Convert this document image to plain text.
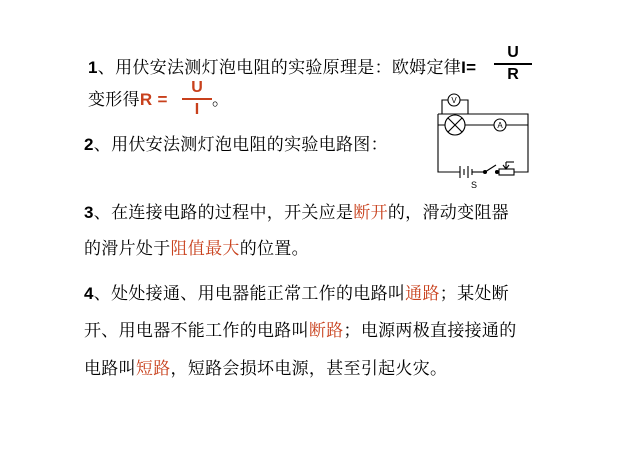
1、用伏安法测灯泡电阻的实验原理是：欧姆定律I=
U
R
变形得R =
U
I 。
2、用伏安法测灯泡电阻的实验电路图：
V
A
S
3、在连接电路的过程中，开关应是断开的，滑动变阻器
的滑片处于阻值最大的位置。
4、处处接通、用电器能正常工作的电路叫通路；某处断
开、用电器不能工作的电路叫断路；电源两极直接接通的
电路叫短路，短路会损坏电源，甚至引起火灾。
